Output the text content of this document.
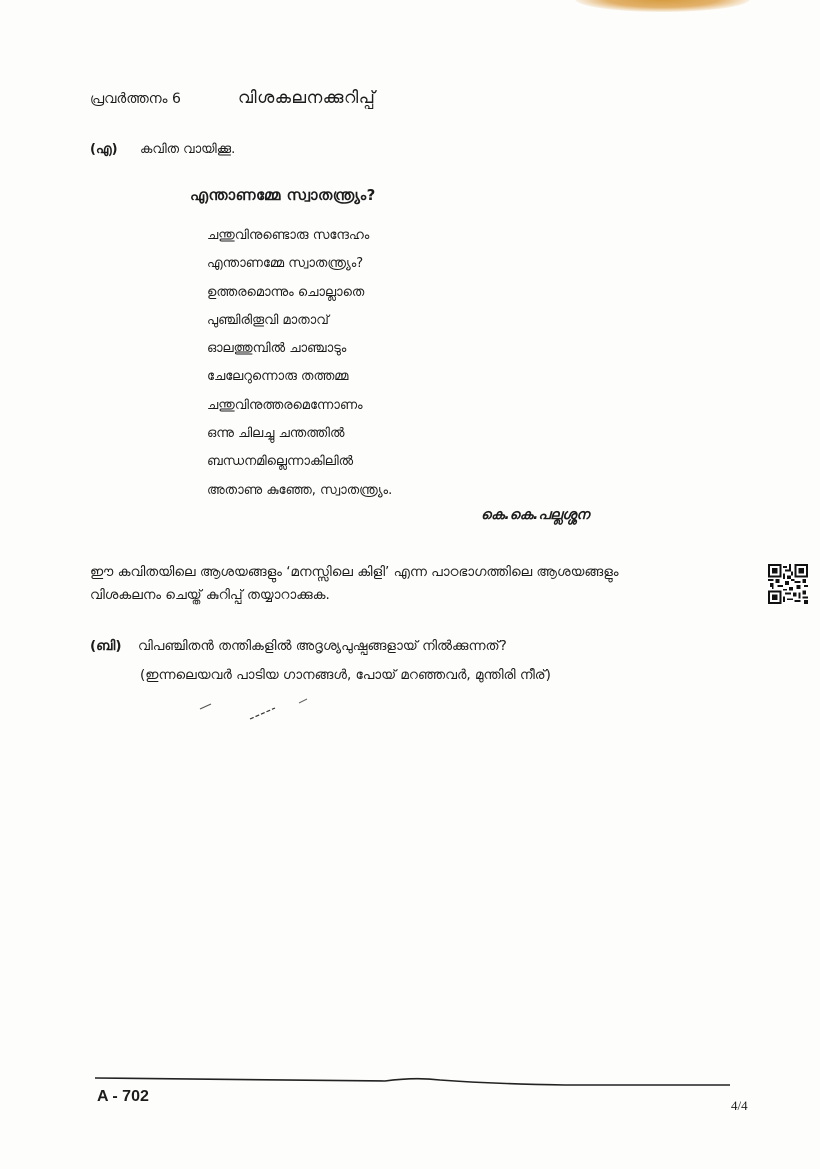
പ്രവർത്തനം 6	വിശകലനക്കുറിപ്പ്
(എ) കവിത വായിക്കൂ.
എന്താണമ്മേ സ്വാതന്ത്ര്യം?
ചന്തുവിനുണ്ടൊരു സന്ദേഹം
എന്താണമ്മേ സ്വാതന്ത്ര്യം?
ഉത്തരമൊന്നും ചൊല്ലാതെ
പുഞ്ചിരിതൂവി മാതാവ്
ഓലത്തുമ്പിൽ ചാഞ്ചാടും
ചേലേറുന്നൊരു തത്തമ്മ
ചന്തുവിനുത്തരമെന്നോണം
ഒന്നു ചിലച്ചു ചന്തത്തിൽ
ബന്ധനമില്ലെന്നാകിലിൽ
അതാണു കുഞ്ഞേ, സ്വാതന്ത്ര്യം.
കെ.കെ.പല്ലശ്ശന
ഈ കവിതയിലെ ആശയങ്ങളും ‘മനസ്സിലെ കിളി’ എന്ന പാഠഭാഗത്തിലെ ആശയങ്ങളും
വിശകലനം ചെയ്ത് കുറിപ്പ് തയ്യാറാക്കുക.
(ബി) വിപഞ്ചിതൻ തന്തികളിൽ അദൃശ്യപുഷ്പങ്ങളായ് നിൽക്കുന്നത്?
(ഇന്നലെയവർ പാടിയ ഗാനങ്ങൾ, പോയ് മറഞ്ഞവർ, മുന്തിരി നീര്)
A - 702
4/4
